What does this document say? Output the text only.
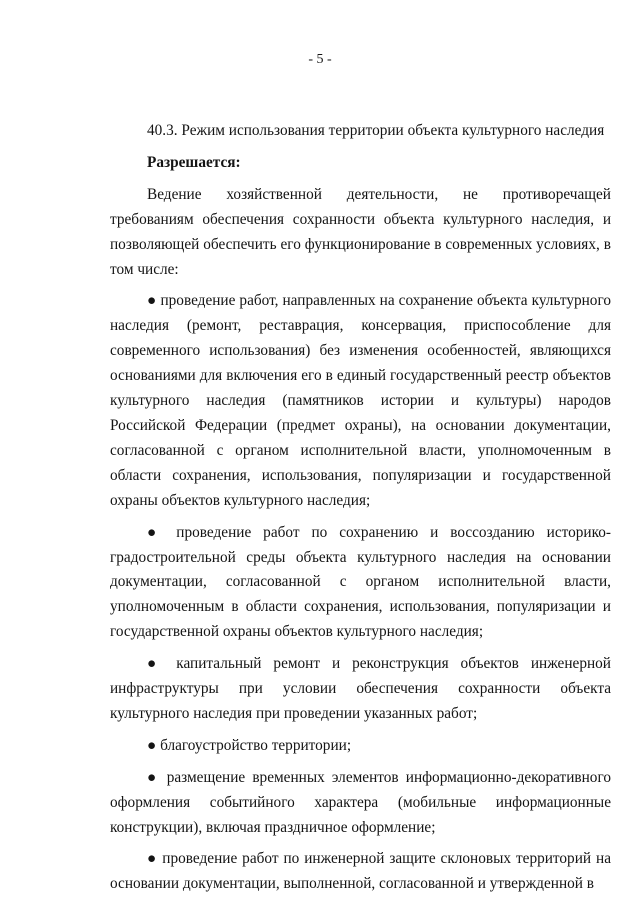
- 5 -

40.3. Режим использования территории объекта культурного наследия

Разрешается:

Ведение хозяйственной деятельности, не противоречащей требованиям обеспечения сохранности объекта культурного наследия, и позволяющей обеспечить его функционирование в современных условиях, в том числе:

● проведение работ, направленных на сохранение объекта культурного наследия (ремонт, реставрация, консервация, приспособление для современного использования) без изменения особенностей, являющихся основаниями для включения его в единый государственный реестр объектов культурного наследия (памятников истории и культуры) народов Российской Федерации (предмет охраны), на основании документации, согласованной с органом исполнительной власти, уполномоченным в области сохранения, использования, популяризации и государственной охраны объектов культурного наследия;

● проведение работ по сохранению и воссозданию историко-градостроительной среды объекта культурного наследия на основании документации, согласованной с органом исполнительной власти, уполномоченным в области сохранения, использования, популяризации и государственной охраны объектов культурного наследия;

● капитальный ремонт и реконструкция объектов инженерной инфраструктуры при условии обеспечения сохранности объекта культурного наследия при проведении указанных работ;

● благоустройство территории;

● размещение временных элементов информационно-декоративного оформления событийного характера (мобильные информационные конструкции), включая праздничное оформление;

● проведение работ по инженерной защите склоновых территорий на основании документации, выполненной, согласованной и утвержденной в
